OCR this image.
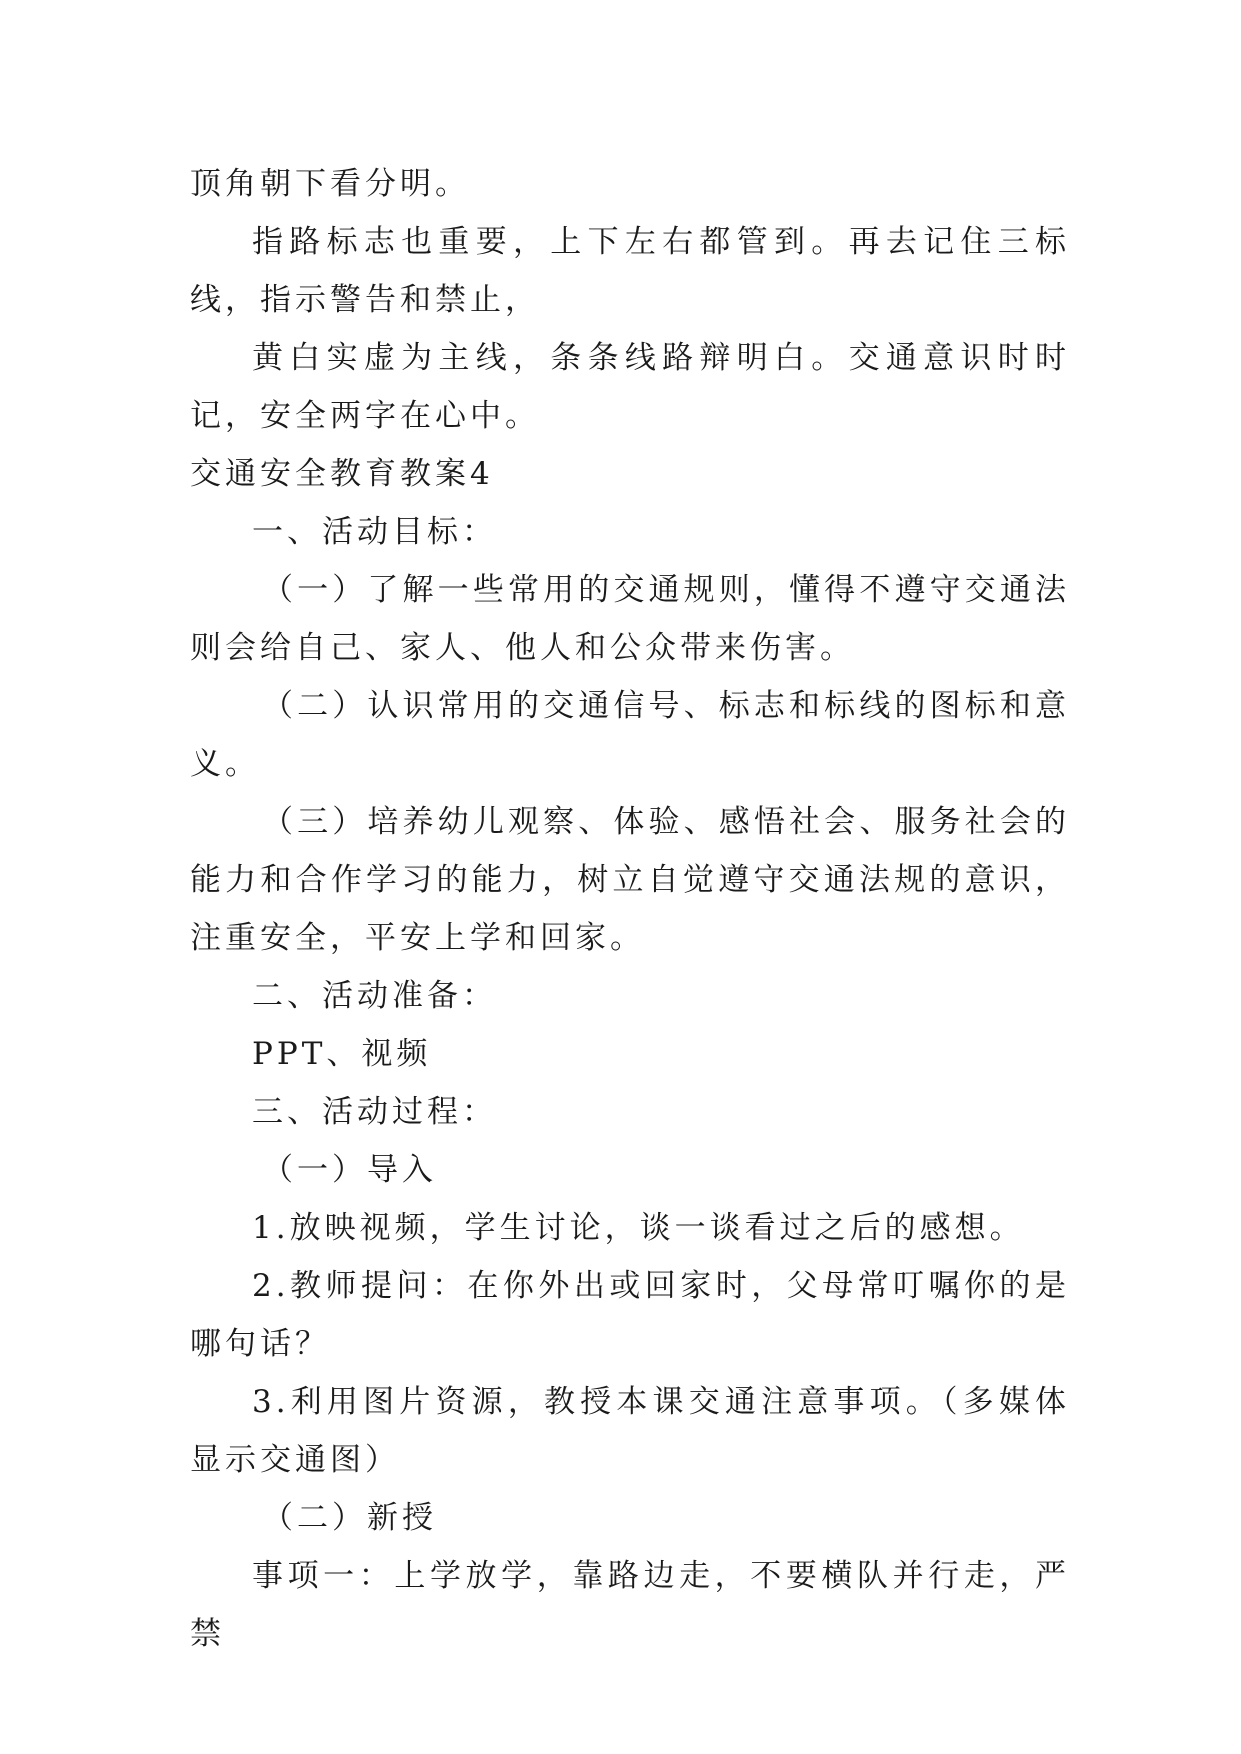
顶角朝下看分明。

指路标志也重要，上下左右都管到。再去记住三标线，指示警告和禁止，

黄白实虚为主线，条条线路辩明白。交通意识时时记，安全两字在心中。

交通安全教育教案4

一、活动目标：

（一）了解一些常用的交通规则，懂得不遵守交通法则会给自己、家人、他人和公众带来伤害。

（二）认识常用的交通信号、标志和标线的图标和意义。

（三）培养幼儿观察、体验、感悟社会、服务社会的能力和合作学习的能力，树立自觉遵守交通法规的意识，注重安全，平安上学和回家。

二、活动准备：

PPT、视频

三、活动过程：

（一）导入

1.放映视频，学生讨论，谈一谈看过之后的感想。

2.教师提问：在你外出或回家时，父母常叮嘱你的是哪句话？

3.利用图片资源，教授本课交通注意事项。（多媒体显示交通图）

（二）新授

事项一：上学放学，靠路边走，不要横队并行走，严禁
